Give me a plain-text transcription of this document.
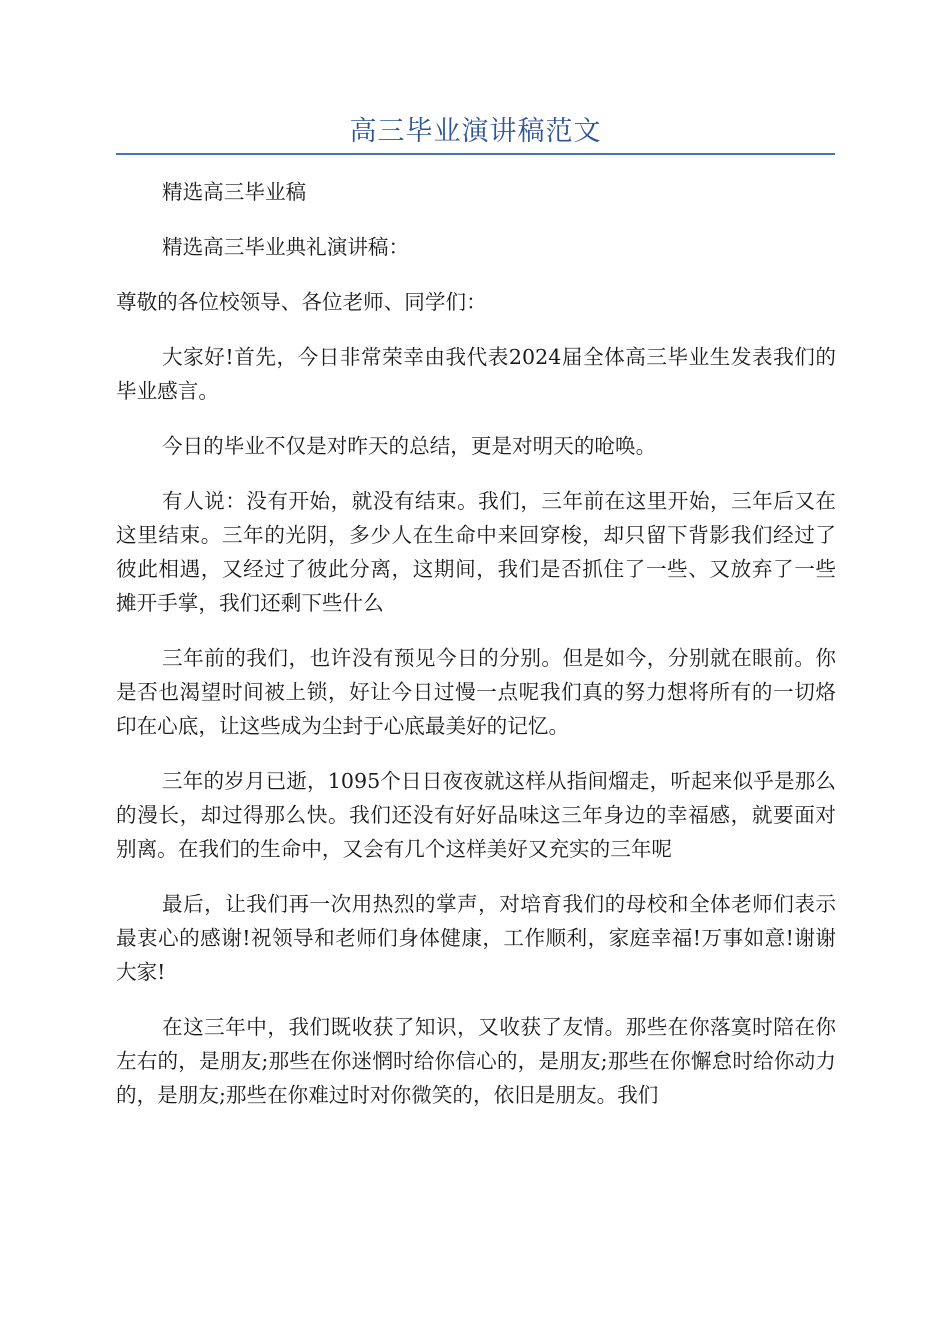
高三毕业演讲稿范文

精选高三毕业稿

精选高三毕业典礼演讲稿：

尊敬的各位校领导、各位老师、同学们：

大家好!首先，今日非常荣幸由我代表2024届全体高三毕业生发表我们的毕业感言。

今日的毕业不仅是对昨天的总结，更是对明天的呛唤。

有人说：没有开始，就没有结束。我们，三年前在这里开始，三年后又在这里结束。三年的光阴，多少人在生命中来回穿梭，却只留下背影我们经过了彼此相遇，又经过了彼此分离，这期间，我们是否抓住了一些、又放弃了一些摊开手掌，我们还剩下些什么

三年前的我们，也许没有预见今日的分别。但是如今，分别就在眼前。你是否也渴望时间被上锁，好让今日过慢一点呢我们真的努力想将所有的一切烙印在心底，让这些成为尘封于心底最美好的记忆。

三年的岁月已逝，1095个日日夜夜就这样从指间熘走，听起来似乎是那么的漫长，却过得那么快。我们还没有好好品味这三年身边的幸福感，就要面对别离。在我们的生命中，又会有几个这样美好又充实的三年呢

最后，让我们再一次用热烈的掌声，对培育我们的母校和全体老师们表示最衷心的感谢!祝领导和老师们身体健康，工作顺利，家庭幸福!万事如意!谢谢大家!

在这三年中，我们既收获了知识，又收获了友情。那些在你落寞时陪在你左右的，是朋友;那些在你迷惘时给你信心的，是朋友;那些在你懈怠时给你动力的，是朋友;那些在你难过时对你微笑的，依旧是朋友。我们
